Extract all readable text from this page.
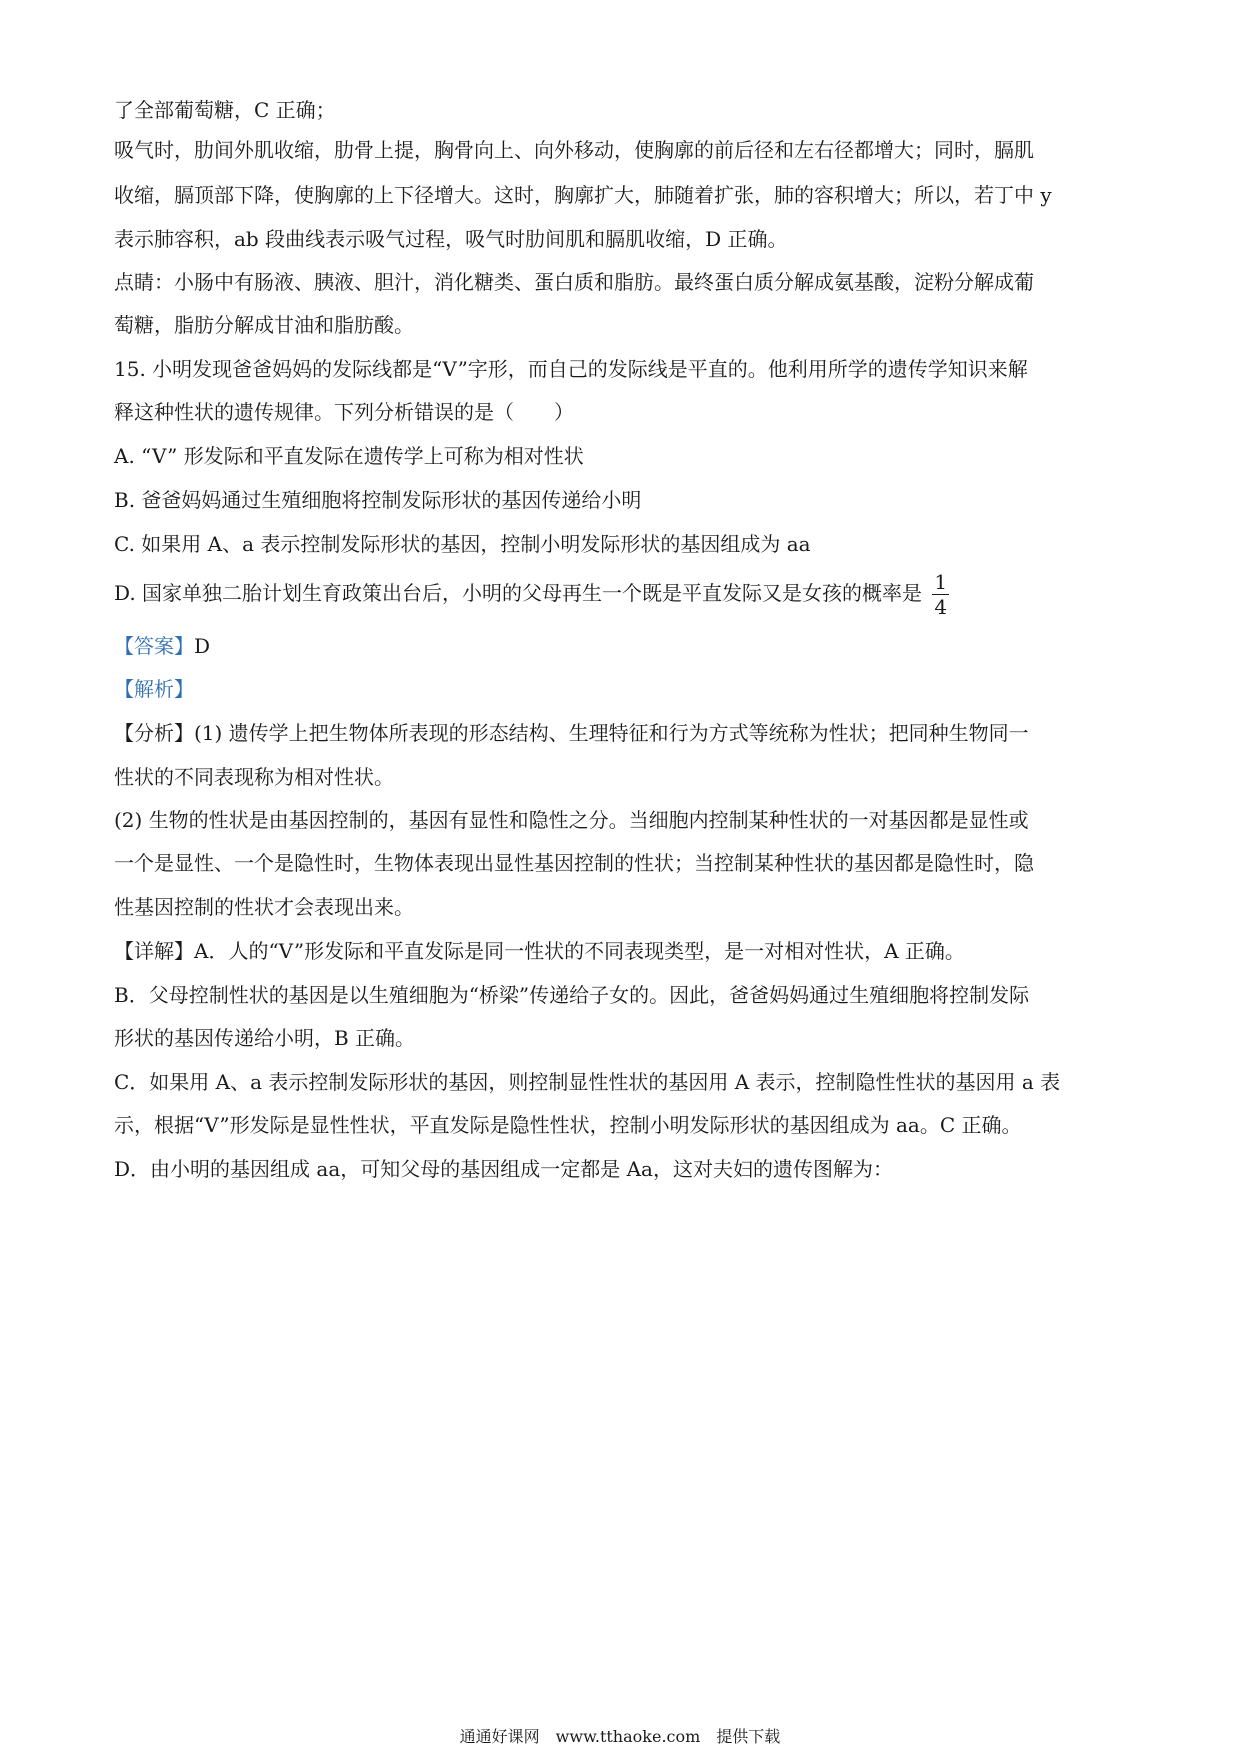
了全部葡萄糖，C 正确；
吸气时，肋间外肌收缩，肋骨上提，胸骨向上、向外移动，使胸廓的前后径和左右径都增大；同时，膈肌
收缩，膈顶部下降，使胸廓的上下径增大。这时，胸廓扩大，肺随着扩张，肺的容积增大；所以，若丁中 y
表示肺容积，ab 段曲线表示吸气过程，吸气时肋间肌和膈肌收缩，D 正确。
点睛：小肠中有肠液、胰液、胆汁，消化糖类、蛋白质和脂肪。最终蛋白质分解成氨基酸，淀粉分解成葡
萄糖，脂肪分解成甘油和脂肪酸。
15. 小明发现爸爸妈妈的发际线都是“V”字形，而自己的发际线是平直的。他利用所学的遗传学知识来解
释这种性状的遗传规律。下列分析错误的是（　　）
A. “V” 形发际和平直发际在遗传学上可称为相对性状
B. 爸爸妈妈通过生殖细胞将控制发际形状的基因传递给小明
C. 如果用 A、a 表示控制发际形状的基因，控制小明发际形状的基因组成为 aa
D. 国家单独二胎计划生育政策出台后，小明的父母再生一个既是平直发际又是女孩的概率是 $\frac{1}{4}$
【答案】D
【解析】
【分析】(1) 遗传学上把生物体所表现的形态结构、生理特征和行为方式等统称为性状；把同种生物同一
性状的不同表现称为相对性状。
(2) 生物的性状是由基因控制的，基因有显性和隐性之分。当细胞内控制某种性状的一对基因都是显性或
一个是显性、一个是隐性时，生物体表现出显性基因控制的性状；当控制某种性状的基因都是隐性时，隐
性基因控制的性状才会表现出来。
【详解】A．人的“V”形发际和平直发际是同一性状的不同表现类型，是一对相对性状，A 正确。
B．父母控制性状的基因是以生殖细胞为“桥梁”传递给子女的。因此，爸爸妈妈通过生殖细胞将控制发际
形状的基因传递给小明，B 正确。
C．如果用 A、a 表示控制发际形状的基因，则控制显性性状的基因用 A 表示，控制隐性性状的基因用 a 表
示，根据“V”形发际是显性性状，平直发际是隐性性状，控制小明发际形状的基因组成为 aa。C 正确。
D．由小明的基因组成 aa，可知父母的基因组成一定都是 Aa，这对夫妇的遗传图解为：
通通好课网　www.tthaoke.com　提供下载
